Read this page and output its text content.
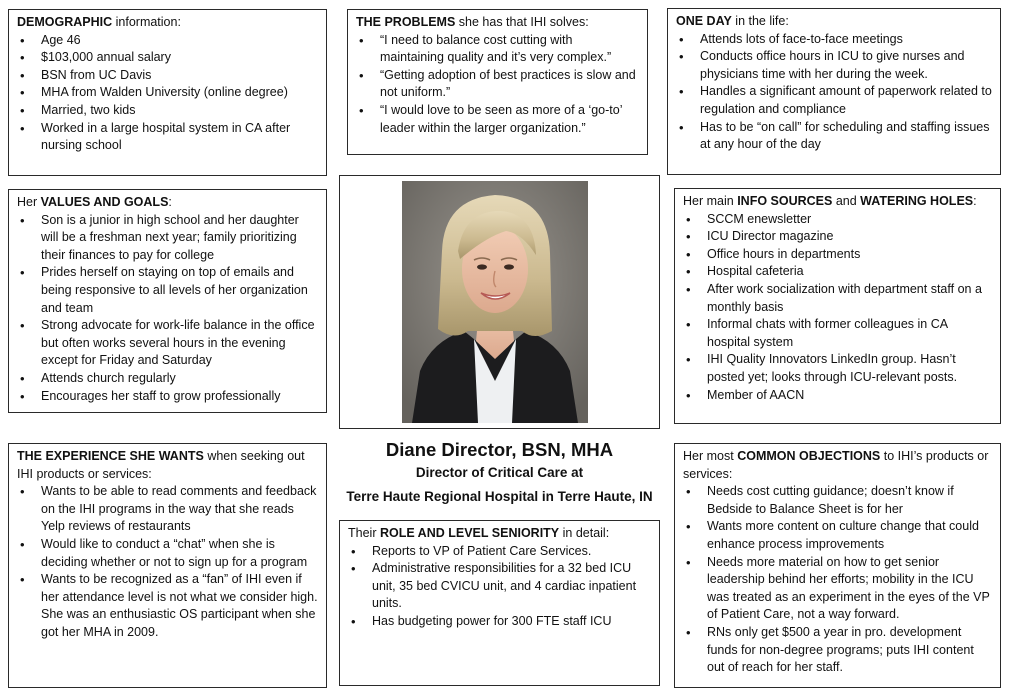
DEMOGRAPHIC information:
• Age 46
• $103,000 annual salary
• BSN from UC Davis
• MHA from Walden University (online degree)
• Married, two kids
• Worked in a large hospital system in CA after nursing school
THE PROBLEMS she has that IHI solves:
• “I need to balance cost cutting with maintaining quality and it’s very complex.”
• “Getting adoption of best practices is slow and not uniform.”
• “I would love to be seen as more of a ‘go-to’ leader within the larger organization.”
ONE DAY in the life:
• Attends lots of face-to-face meetings
• Conducts office hours in ICU to give nurses and physicians time with her during the week.
• Handles a significant amount of paperwork related to regulation and compliance
• Has to be “on call” for scheduling and staffing issues at any hour of the day
Her VALUES AND GOALS:
• Son is a junior in high school and her daughter will be a freshman next year; family prioritizing their finances to pay for college
• Prides herself on staying on top of emails and being responsive to all levels of her organization and team
• Strong advocate for work-life balance in the office but often works several hours in the evening except for Friday and Saturday
• Attends church regularly
• Encourages her staff to grow professionally
Her main INFO SOURCES and WATERING HOLES:
• SCCM enewsletter
• ICU Director magazine
• Office hours in departments
• Hospital cafeteria
• After work socialization with department staff on a monthly basis
• Informal chats with former colleagues in CA hospital system
• IHI Quality Innovators LinkedIn group. Hasn’t posted yet; looks through ICU-relevant posts.
• Member of AACN
Diane Director, BSN, MHA
Director of Critical Care at
Terre Haute Regional Hospital in Terre Haute, IN
THE EXPERIENCE SHE WANTS when seeking out IHI products or services:
• Wants to be able to read comments and feedback on the IHI programs in the way that she reads Yelp reviews of restaurants
• Would like to conduct a “chat” when she is deciding whether or not to sign up for a program
• Wants to be recognized as a “fan” of IHI even if her attendance level is not what we consider high. She was an enthusiastic OS participant when she got her MHA in 2009.
Their ROLE AND LEVEL SENIORITY in detail:
• Reports to VP of Patient Care Services.
• Administrative responsibilities for a 32 bed ICU unit, 35 bed CVICU unit, and 4 cardiac inpatient units.
• Has budgeting power for 300 FTE staff ICU
Her most COMMON OBJECTIONS to IHI’s products or services:
• Needs cost cutting guidance; doesn’t know if Bedside to Balance Sheet is for her
• Wants more content on culture change that could enhance process improvements
• Needs more material on how to get senior leadership behind her efforts; mobility in the ICU was treated as an experiment in the eyes of the VP of Patient Care, not a way forward.
• RNs only get $500 a year in pro. development funds for non-degree programs; puts IHI content out of reach for her staff.
